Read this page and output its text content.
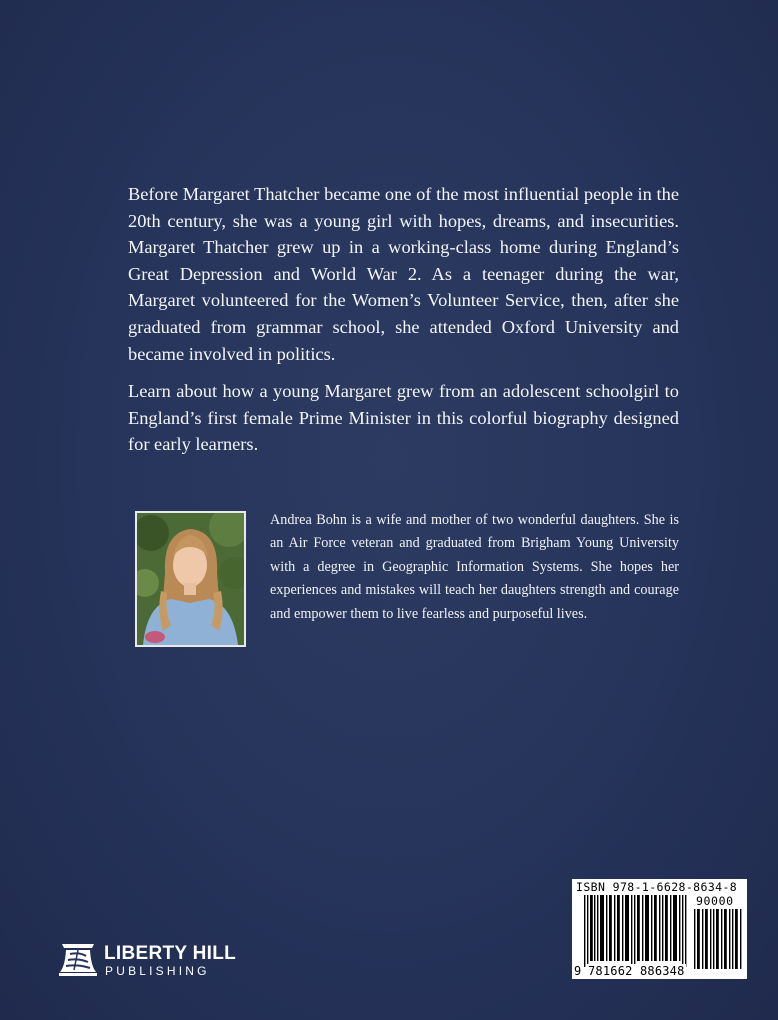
Before Margaret Thatcher became one of the most influential people in the 20th century, she was a young girl with hopes, dreams, and insecurities. Margaret Thatcher grew up in a working-class home during England’s Great Depression and World War 2. As a teenager during the war, Margaret volunteered for the Women’s Volunteer Service, then, after she graduated from grammar school, she attended Oxford University and became involved in politics.

Learn about how a young Margaret grew from an adolescent schoolgirl to England’s first female Prime Minister in this colorful biography designed for early learners.

Andrea Bohn is a wife and mother of two wonderful daughters. She is an Air Force veteran and graduated from Brigham Young University with a degree in Geographic Information Systems. She hopes her experiences and mistakes will teach her daughters strength and courage and empower them to live fearless and purposeful lives.

LIBERTY HILL
PUBLISHING
ISBN 978-1-6628-8634-8
90000
9 781662 886348
